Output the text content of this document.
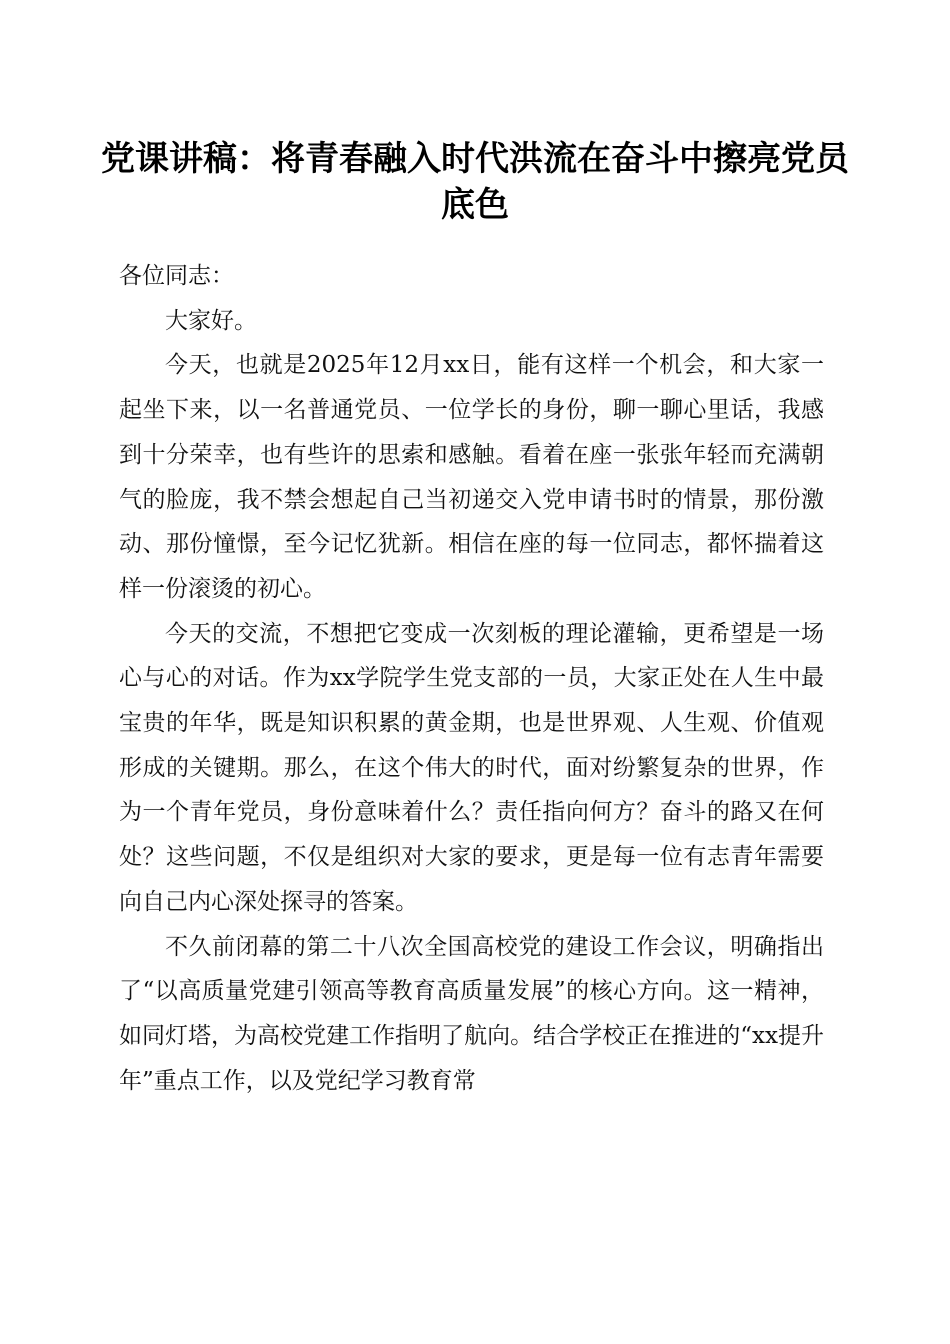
党课讲稿：将青春融入时代洪流在奋斗中擦亮党员底色

各位同志：

大家好。

今天，也就是2025年12月xx日，能有这样一个机会，和大家一起坐下来，以一名普通党员、一位学长的身份，聊一聊心里话，我感到十分荣幸，也有些许的思索和感触。看着在座一张张年轻而充满朝气的脸庞，我不禁会想起自己当初递交入党申请书时的情景，那份激动、那份憧憬，至今记忆犹新。相信在座的每一位同志，都怀揣着这样一份滚烫的初心。

今天的交流，不想把它变成一次刻板的理论灌输，更希望是一场心与心的对话。作为xx学院学生党支部的一员，大家正处在人生中最宝贵的年华，既是知识积累的黄金期，也是世界观、人生观、价值观形成的关键期。那么，在这个伟大的时代，面对纷繁复杂的世界，作为一个青年党员，身份意味着什么？责任指向何方？奋斗的路又在何处？这些问题，不仅是组织对大家的要求，更是每一位有志青年需要向自己内心深处探寻的答案。

不久前闭幕的第二十八次全国高校党的建设工作会议，明确指出了“以高质量党建引领高等教育高质量发展”的核心方向。这一精神，如同灯塔，为高校党建工作指明了航向。结合学校正在推进的“xx提升年”重点工作，以及党纪学习教育常
